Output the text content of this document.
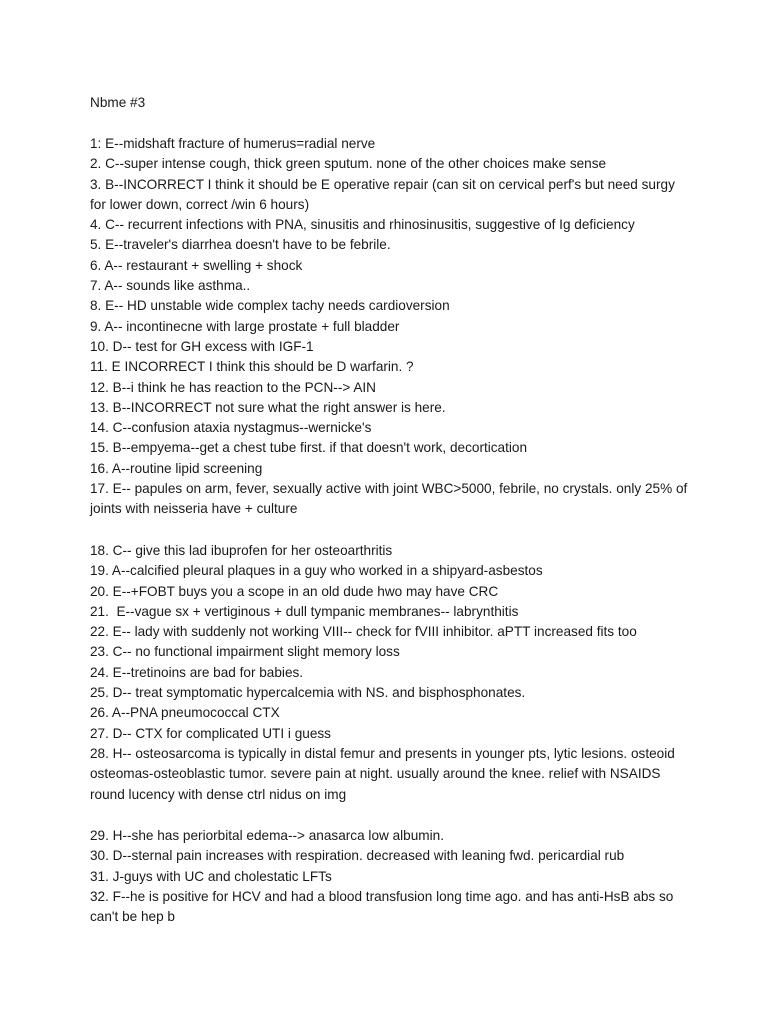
Nbme #3

1: E--midshaft fracture of humerus=radial nerve

2. C--super intense cough, thick green sputum. none of the other choices make sense

3. B--INCORRECT I think it should be E operative repair (can sit on cervical perf's but need surgy for lower down, correct /win 6 hours)

4. C-- recurrent infections with PNA, sinusitis and rhinosinusitis, suggestive of Ig deficiency

5. E--traveler's diarrhea doesn't have to be febrile.

6. A-- restaurant + swelling + shock

7. A-- sounds like asthma..

8. E-- HD unstable wide complex tachy needs cardioversion

9. A-- incontinecne with large prostate + full bladder

10. D-- test for GH excess with IGF-1

11. E INCORRECT I think this should be D warfarin. ?

12. B--i think he has reaction to the PCN--> AIN

13. B--INCORRECT not sure what the right answer is here.

14. C--confusion ataxia nystagmus--wernicke's

15. B--empyema--get a chest tube first. if that doesn't work, decortication

16. A--routine lipid screening

17. E-- papules on arm, fever, sexually active with joint WBC>5000, febrile, no crystals. only 25% of joints with neisseria have + culture

18. C-- give this lad ibuprofen for her osteoarthritis

19. A--calcified pleural plaques in a guy who worked in a shipyard-asbestos

20. E--+FOBT buys you a scope in an old dude hwo may have CRC

21.  E--vague sx + vertiginous + dull tympanic membranes-- labrynthitis

22. E-- lady with suddenly not working VIII-- check for fVIII inhibitor. aPTT increased fits too

23. C-- no functional impairment slight memory loss

24. E--tretinoins are bad for babies.

25. D-- treat symptomatic hypercalcemia with NS. and bisphosphonates.

26. A--PNA pneumococcal CTX

27. D-- CTX for complicated UTI i guess

28. H-- osteosarcoma is typically in distal femur and presents in younger pts, lytic lesions. osteoid osteomas-osteoblastic tumor. severe pain at night. usually around the knee. relief with NSAIDS round lucency with dense ctrl nidus on img

29. H--she has periorbital edema--> anasarca low albumin.

30. D--sternal pain increases with respiration. decreased with leaning fwd. pericardial rub

31. J-guys with UC and cholestatic LFTs

32. F--he is positive for HCV and had a blood transfusion long time ago. and has anti-HsB abs so can't be hep b
